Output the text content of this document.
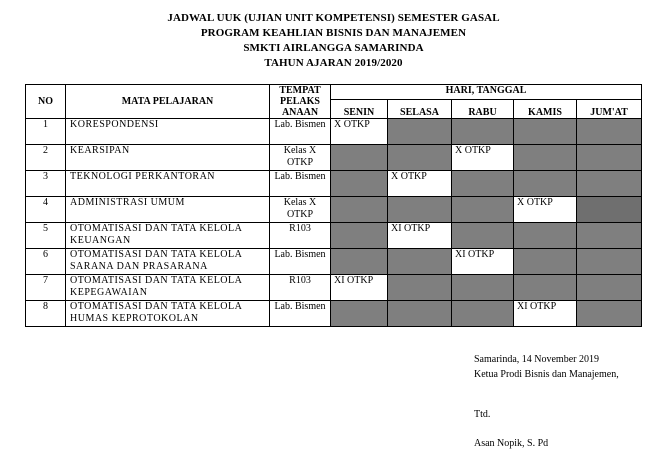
JADWAL UUK (UJIAN UNIT KOMPETENSI) SEMESTER GASAL
PROGRAM KEAHLIAN BISNIS DAN MANAJEMEN
SMKTI AIRLANGGA SAMARINDA
TAHUN AJARAN 2019/2020
NO	MATA PELAJARAN	TEMPAT PELAKS ANAAN	HARI, TANGGAL				
			SENIN	SELASA	RABU	KAMIS	JUM'AT
1	KORESPONDENSI	Lab. Bismen	X OTKP				
2	KEARSIPAN	Kelas X OTKP			X OTKP		
3	TEKNOLOGI PERKANTORAN	Lab. Bismen		X OTKP			
4	ADMINISTRASI UMUM	Kelas X OTKP				X OTKP	
5	OTOMATISASI DAN TATA KELOLA KEUANGAN	R103		XI OTKP			
6	OTOMATISASI DAN TATA KELOLA SARANA DAN PRASARANA	Lab. Bismen			XI OTKP		
7	OTOMATISASI DAN TATA KELOLA KEPEGAWAIAN	R103	XI OTKP				
8	OTOMATISASI DAN TATA KELOLA HUMAS KEPROTOKOLAN	Lab. Bismen				XI OTKP	
Samarinda, 14 November 2019
Ketua Prodi Bisnis dan Manajemen,
Ttd.
Asan Nopik, S. Pd
